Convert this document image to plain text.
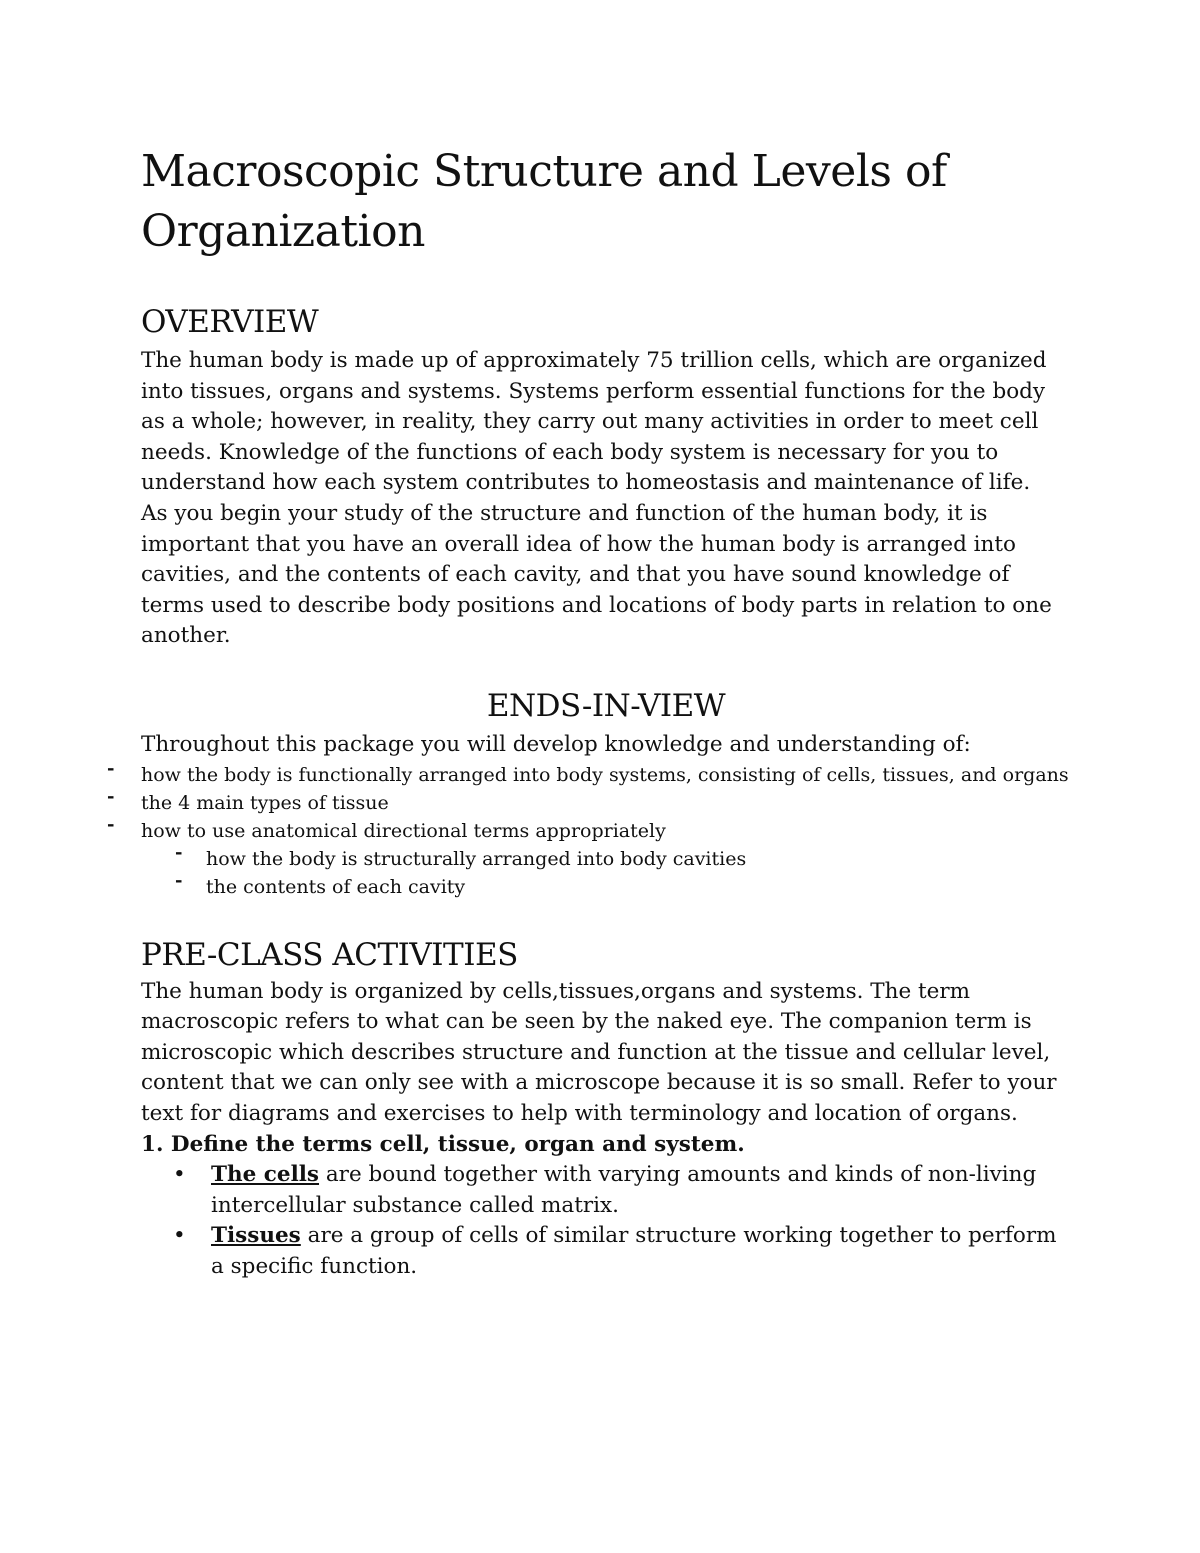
Macroscopic Structure and Levels of Organization
OVERVIEW

The human body is made up of approximately 75 trillion cells, which are organized into tissues, organs and systems. Systems perform essential functions for the body as a whole; however, in reality, they carry out many activities in order to meet cell needs. Knowledge of the functions of each body system is necessary for you to understand how each system contributes to homeostasis and maintenance of life.
As you begin your study of the structure and function of the human body, it is important that you have an overall idea of how the human body is arranged into cavities, and the contents of each cavity, and that you have sound knowledge of terms used to describe body positions and locations of body parts in relation to one another.

ENDS-IN-VIEW

Throughout this package you will develop knowledge and understanding of:

- how the body is functionally arranged into body systems, consisting of cells, tissues, and organs
- the 4 main types of tissue
- how to use anatomical directional terms appropriately
- how the body is structurally arranged into body cavities
- the contents of each cavity
PRE-CLASS ACTIVITIES

The human body is organized by cells,tissues,organs and systems. The term macroscopic refers to what can be seen by the naked eye. The companion term is microscopic which describes structure and function at the tissue and cellular level, content that we can only see with a microscope because it is so small. Refer to your text for diagrams and exercises to help with terminology and location of organs.

1. Define the terms cell, tissue, organ and system.

• The cells are bound together with varying amounts and kinds of non-living intercellular substance called matrix.
• Tissues are a group of cells of similar structure working together to perform a specific function.
